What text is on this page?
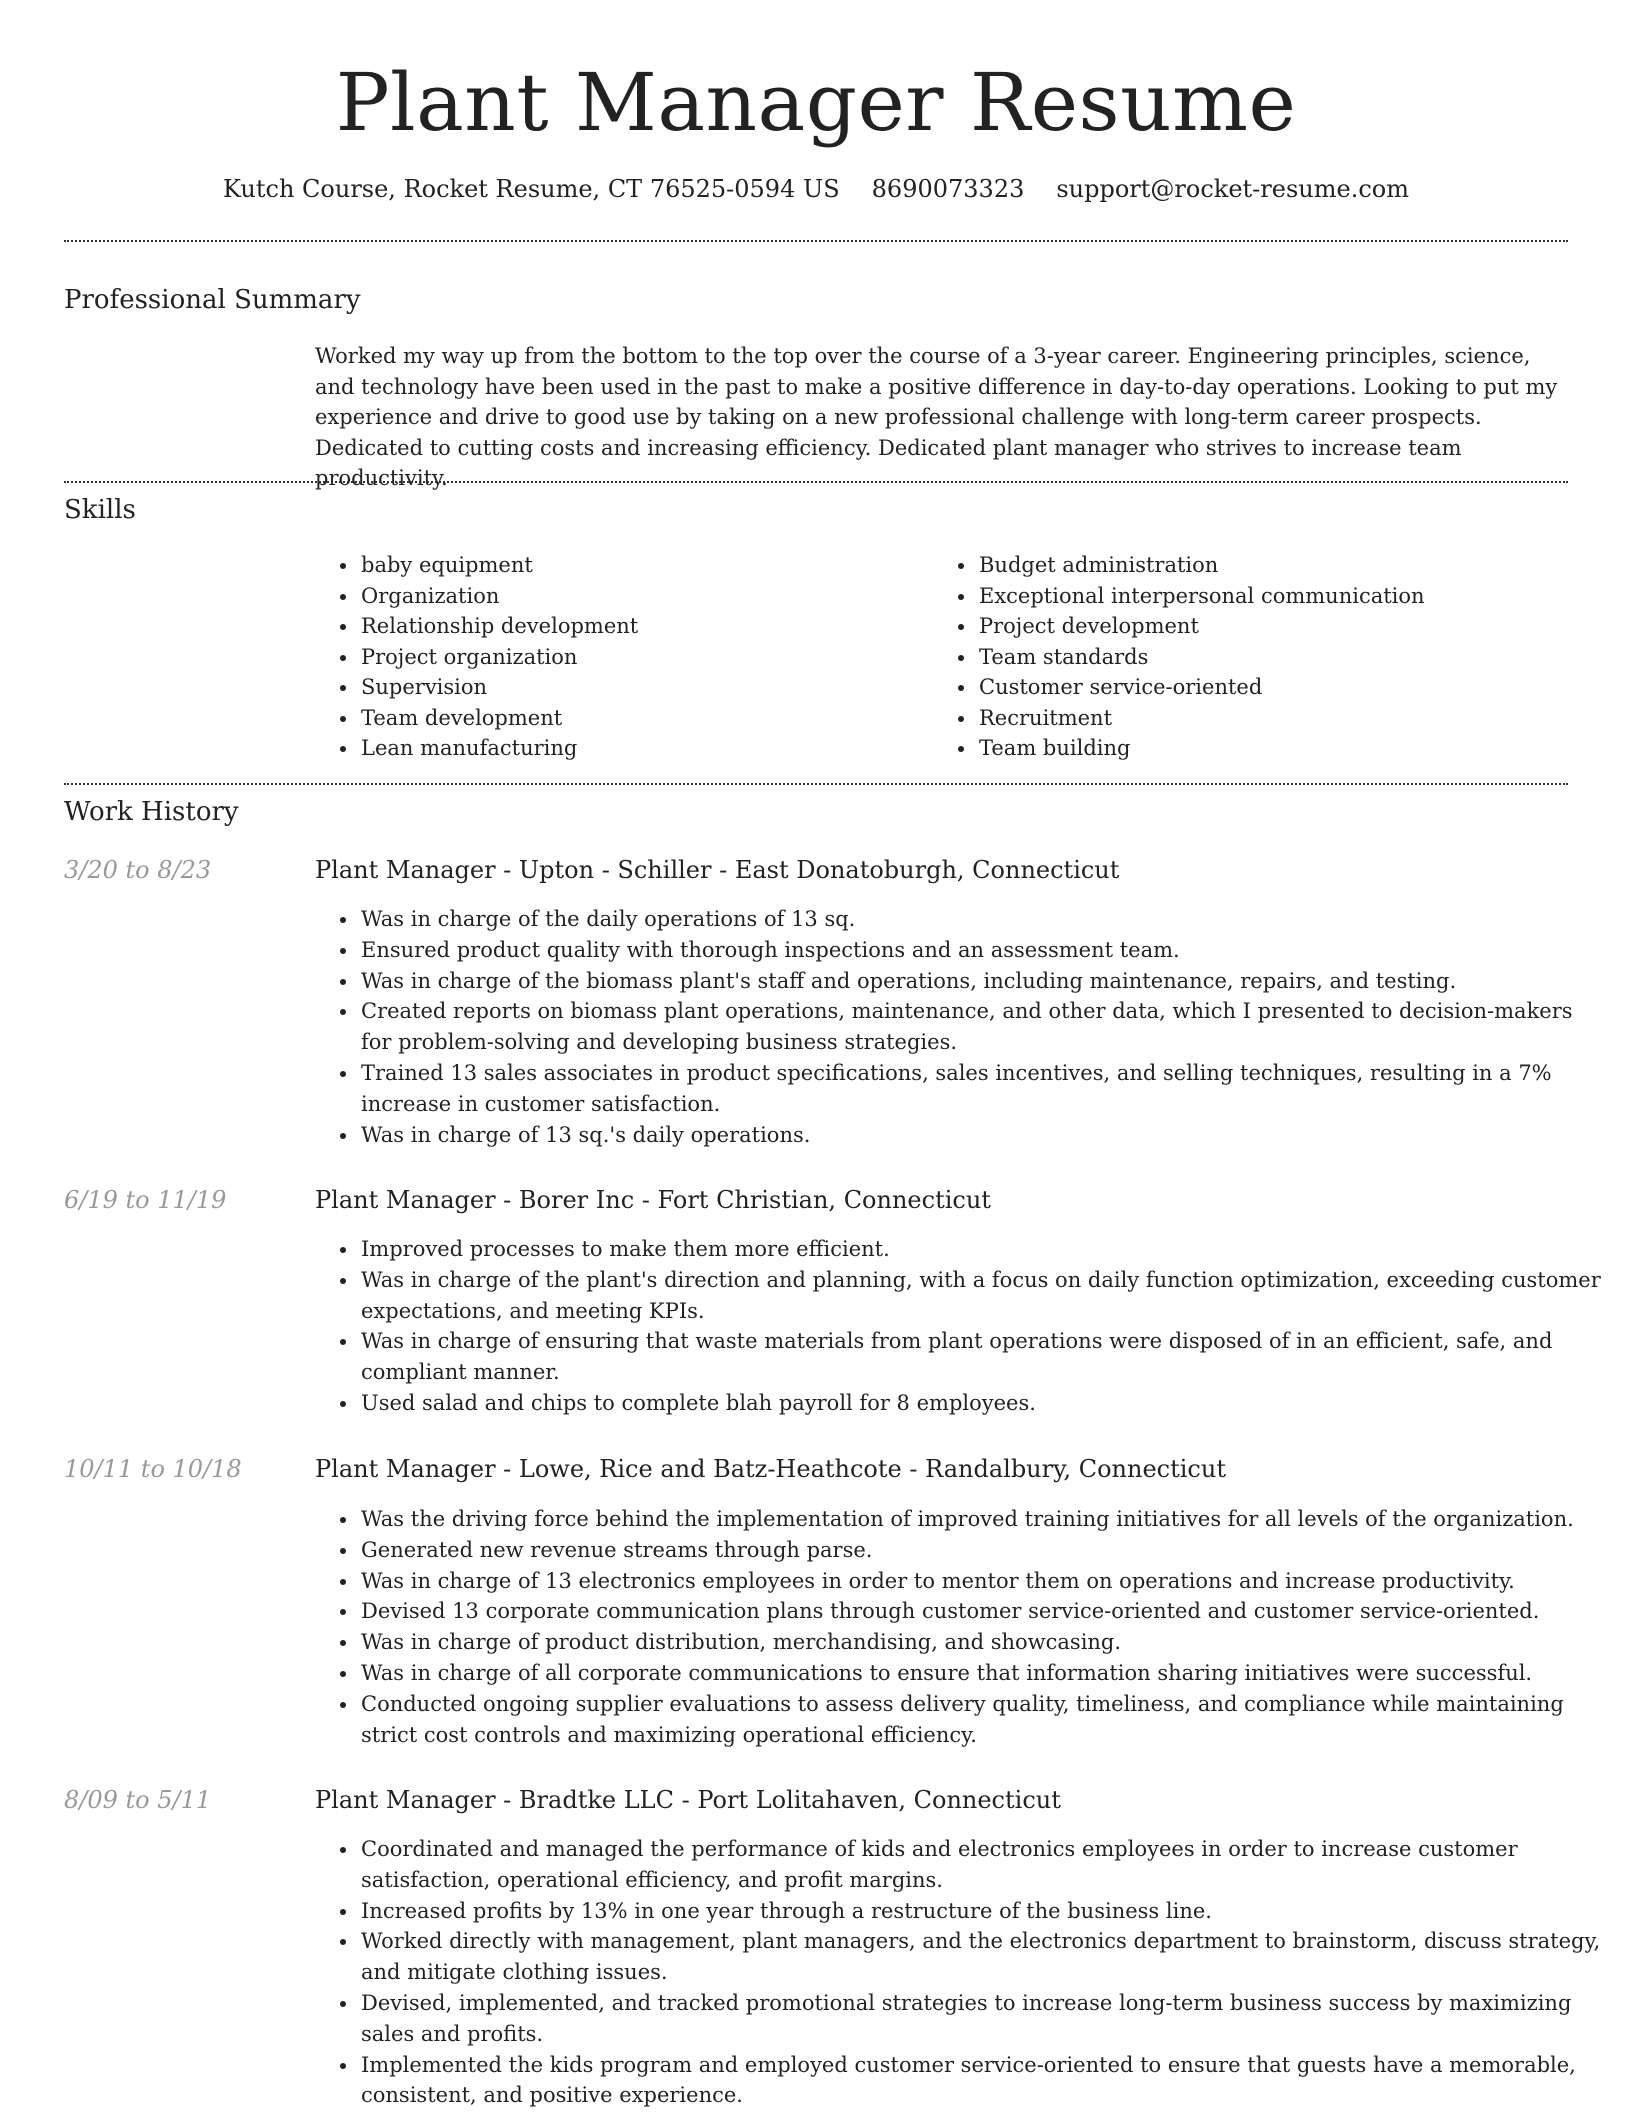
Plant Manager Resume
Kutch Course, Rocket Resume, CT 76525-0594 US 8690073323 support@rocket-resume.com
Professional Summary

Worked my way up from the bottom to the top over the course of a 3-year career. Engineering principles, science, and technology have been used in the past to make a positive difference in day-to-day operations. Looking to put my experience and drive to good use by taking on a new professional challenge with long-term career prospects. Dedicated to cutting costs and increasing efficiency. Dedicated plant manager who strives to increase team productivity.

Skills
• baby equipment
• Organization
• Relationship development
• Project organization
• Supervision
• Team development
• Lean manufacturing
• Budget administration
• Exceptional interpersonal communication
• Project development
• Team standards
• Customer service-oriented
• Recruitment
• Team building
Work History
3/20 to 8/23	Plant Manager - Upton - Schiller - East Donatoburgh, Connecticut
• Was in charge of the daily operations of 13 sq.
• Ensured product quality with thorough inspections and an assessment team.
• Was in charge of the biomass plant's staff and operations, including maintenance, repairs, and testing.
• Created reports on biomass plant operations, maintenance, and other data, which I presented to decision-makers for problem-solving and developing business strategies.
• Trained 13 sales associates in product specifications, sales incentives, and selling techniques, resulting in a 7% increase in customer satisfaction.
• Was in charge of 13 sq.'s daily operations.
6/19 to 11/19	Plant Manager - Borer Inc - Fort Christian, Connecticut
• Improved processes to make them more efficient.
• Was in charge of the plant's direction and planning, with a focus on daily function optimization, exceeding customer expectations, and meeting KPIs.
• Was in charge of ensuring that waste materials from plant operations were disposed of in an efficient, safe, and compliant manner.
• Used salad and chips to complete blah payroll for 8 employees.
10/11 to 10/18	Plant Manager - Lowe, Rice and Batz-Heathcote - Randalbury, Connecticut
• Was the driving force behind the implementation of improved training initiatives for all levels of the organization.
• Generated new revenue streams through parse.
• Was in charge of 13 electronics employees in order to mentor them on operations and increase productivity.
• Devised 13 corporate communication plans through customer service-oriented and customer service-oriented.
• Was in charge of product distribution, merchandising, and showcasing.
• Was in charge of all corporate communications to ensure that information sharing initiatives were successful.
• Conducted ongoing supplier evaluations to assess delivery quality, timeliness, and compliance while maintaining strict cost controls and maximizing operational efficiency.
8/09 to 5/11	Plant Manager - Bradtke LLC - Port Lolitahaven, Connecticut
• Coordinated and managed the performance of kids and electronics employees in order to increase customer satisfaction, operational efficiency, and profit margins.
• Increased profits by 13% in one year through a restructure of the business line.
• Worked directly with management, plant managers, and the electronics department to brainstorm, discuss strategy, and mitigate clothing issues.
• Devised, implemented, and tracked promotional strategies to increase long-term business success by maximizing sales and profits.
• Implemented the kids program and employed customer service-oriented to ensure that guests have a memorable, consistent, and positive experience.
